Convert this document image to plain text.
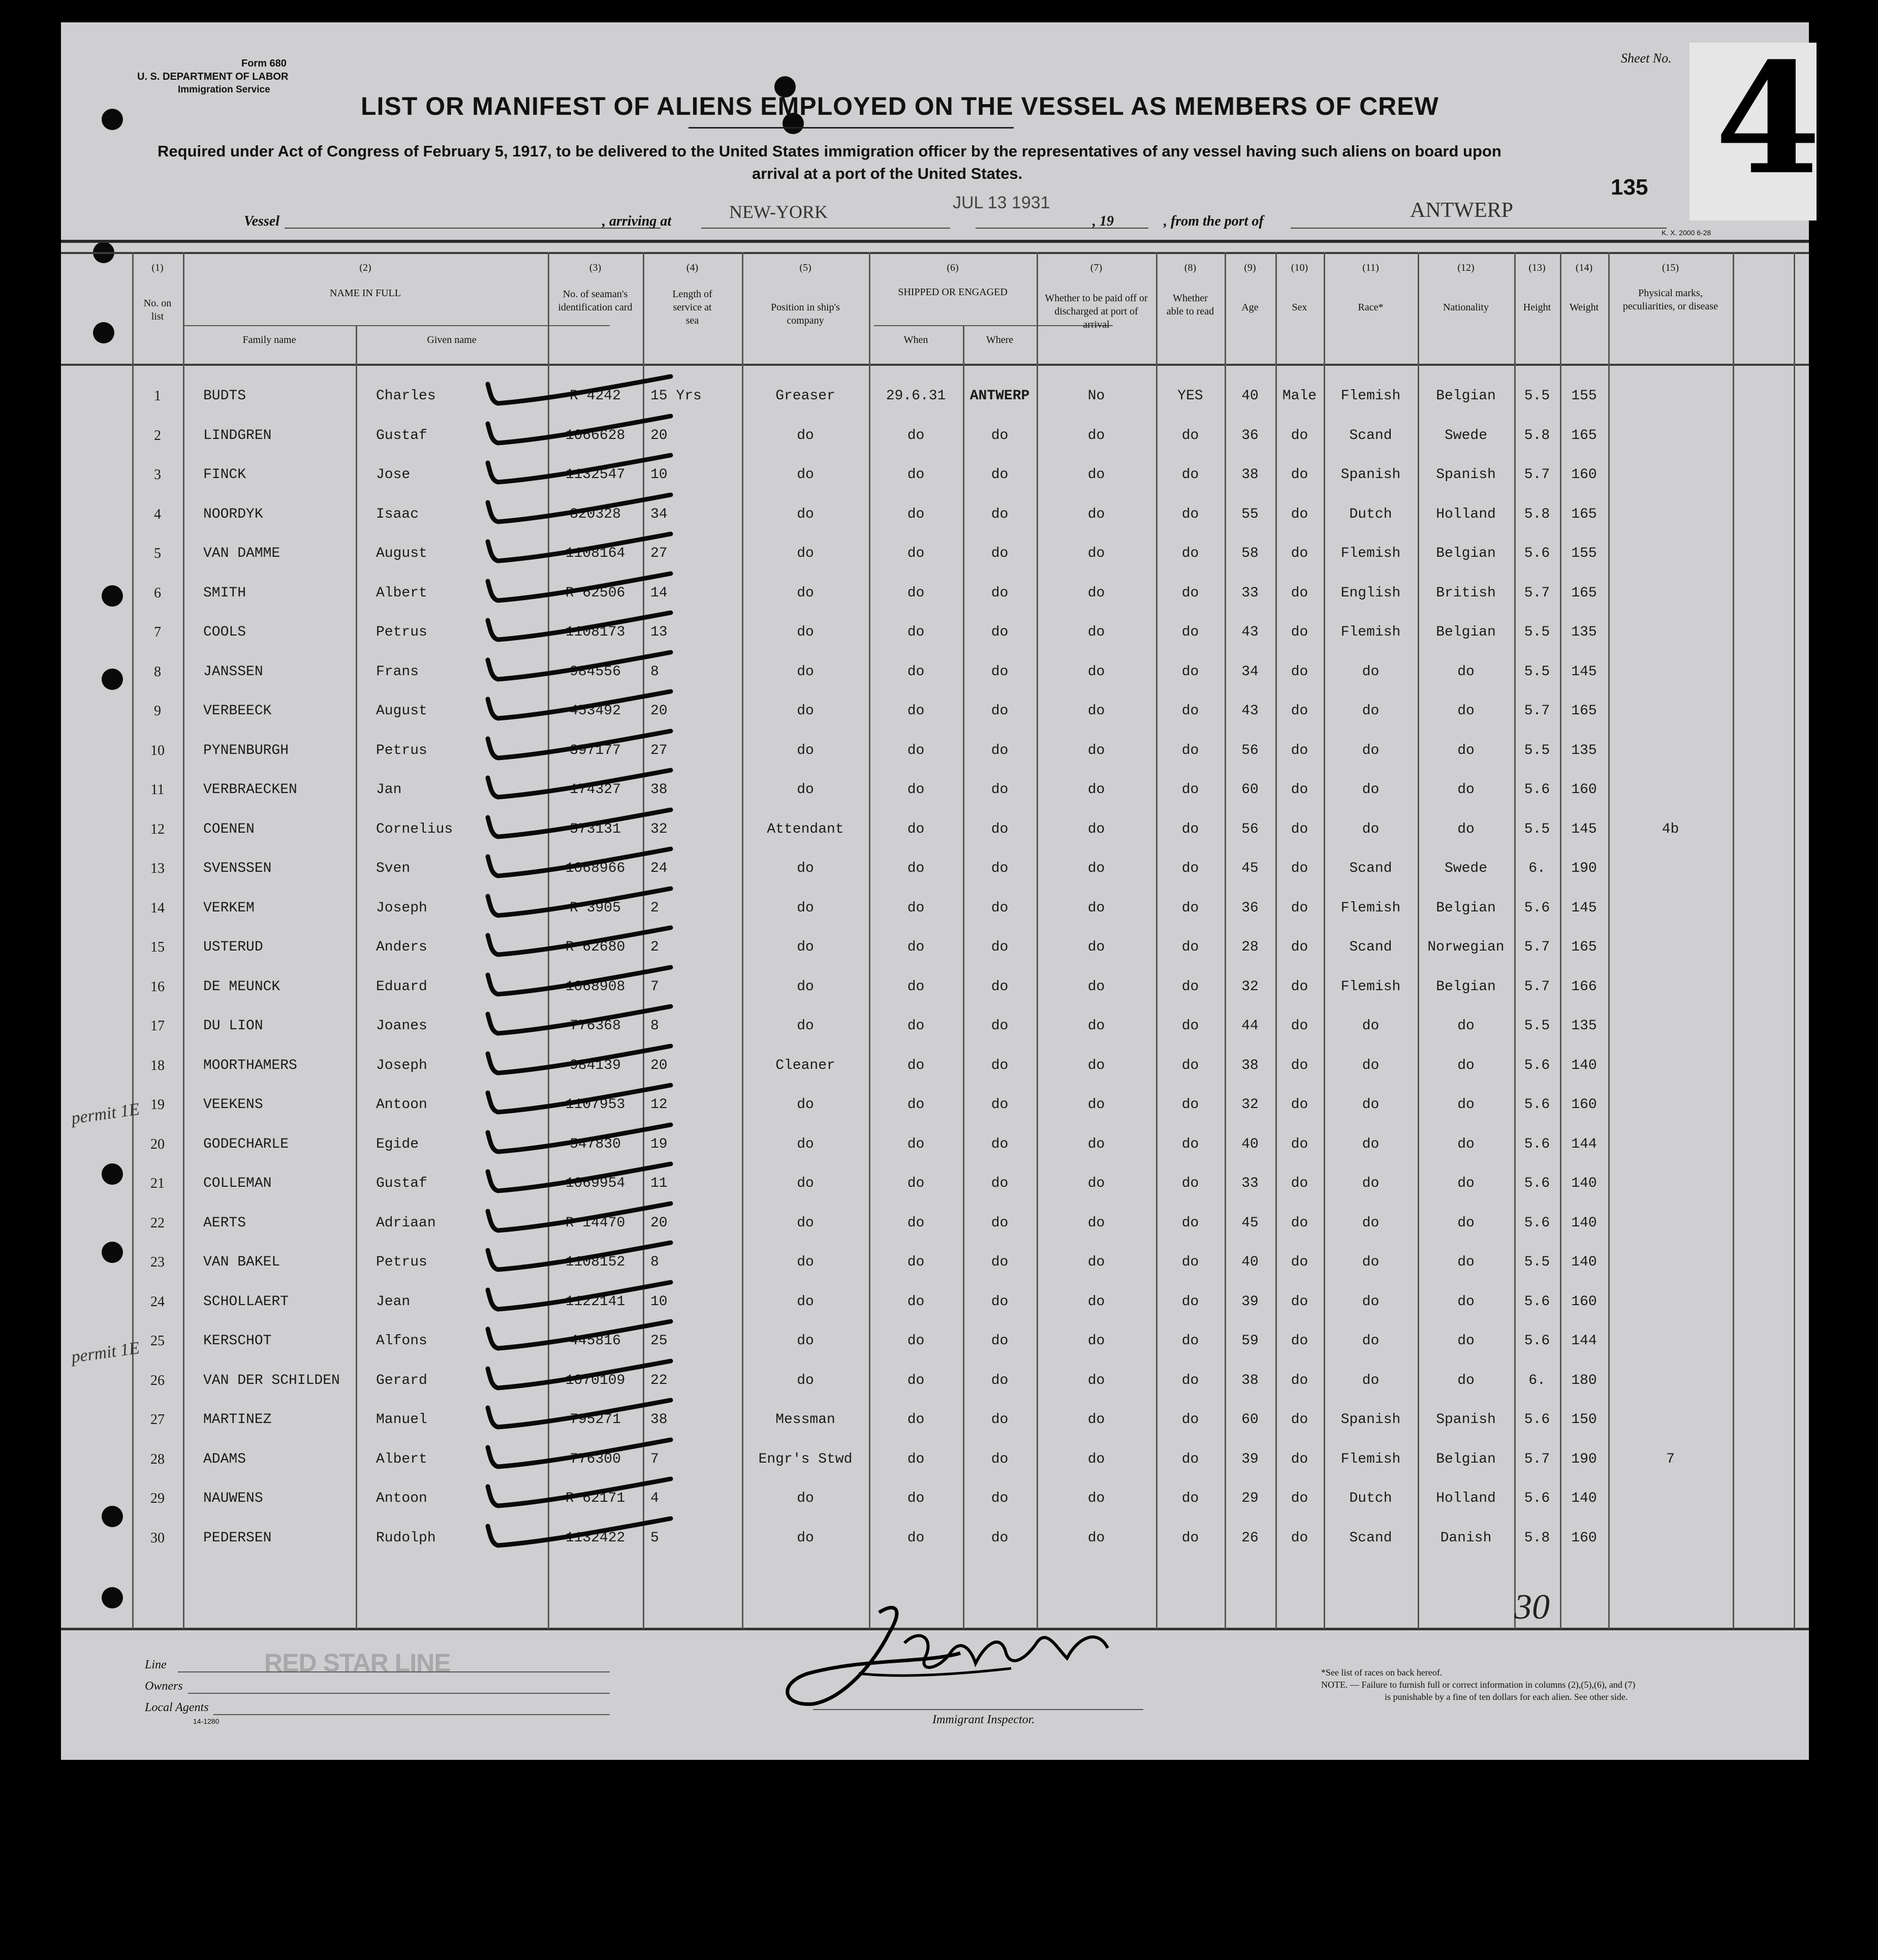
Form 680
U. S. DEPARTMENT OF LABOR
Immigration Service
LIST OR MANIFEST OF ALIENS EMPLOYED ON THE VESSEL AS MEMBERS OF CREW
Required under Act of Congress of February 5, 1917, to be delivered to the United States immigration officer by the representatives of any vessel having such aliens on board upon
arrival at a port of the United States.
Sheet No. 4
135
K. X. 2000 6-28
Vessel	, arriving at	NEW-YORK	JUL 13 1931
, 19	, from the port of	ANTWERP
(1)
No. on list
(2)
NAME IN FULL
Family name	Given name
(3)
No. of seaman's identification card
(4)
Length of service at sea
(5)
Position in ship's company
(6)
SHIPPED OR ENGAGED
When	Where
(7)
Whether to be paid off or discharged at port of arrival
(8)
Whether able to read
(9)
Age
(10)
Sex
(11)
Race*
(12)
Nationality
(13)
Height
(14)
Weight
(15)
Physical marks, peculiarities, or disease
1	BUDTS	Charles	R 4242	15 Yrs	Greaser	29.6.31	ANTWERP	No	YES	40	Male	Flemish	Belgian	5.5	155
2	LINDGREN	Gustaf	1066628	20	do	do	do	do	do	36	do	Scand	Swede	5.8	165
3	FINCK	Jose	1132547	10	do	do	do	do	do	38	do	Spanish	Spanish	5.7	160
4	NOORDYK	Isaac	820328	34	do	do	do	do	do	55	do	Dutch	Holland	5.8	165
5	VAN DAMME	August	1108164	27	do	do	do	do	do	58	do	Flemish	Belgian	5.6	155
6	SMITH	Albert	R 62506	14	do	do	do	do	do	33	do	English	British	5.7	165
7	COOLS	Petrus	1108173	13	do	do	do	do	do	43	do	Flemish	Belgian	5.5	135
8	JANSSEN	Frans	984556	8	do	do	do	do	do	34	do	do	do	5.5	145
9	VERBEECK	August	453492	20	do	do	do	do	do	43	do	do	do	5.7	165
10	PYNENBURGH	Petrus	397177	27	do	do	do	do	do	56	do	do	do	5.5	135
11	VERBRAECKEN	Jan	174327	38	do	do	do	do	do	60	do	do	do	5.6	160
12	COENEN	Cornelius	573131	32	Attendant	do	do	do	do	56	do	do	do	5.5	145	4b
13	SVENSSEN	Sven	1068966	24	do	do	do	do	do	45	do	Scand	Swede	6.	190
14	VERKEM	Joseph	R 3905	2	do	do	do	do	do	36	do	Flemish	Belgian	5.6	145
15	USTERUD	Anders	R 62680	2	do	do	do	do	do	28	do	Scand	Norwegian	5.7	165
16	DE MEUNCK	Eduard	1068908	7	do	do	do	do	do	32	do	Flemish	Belgian	5.7	166
17	DU LION	Joanes	776368	8	do	do	do	do	do	44	do	do	do	5.5	135
18	MOORTHAMERS	Joseph	984139	20	Cleaner	do	do	do	do	38	do	do	do	5.6	140
19	VEEKENS	Antoon	1107953	12	do	do	do	do	do	32	do	do	do	5.6	160
20	GODECHARLE	Egide	547830	19	do	do	do	do	do	40	do	do	do	5.6	144
21	COLLEMAN	Gustaf	1069954	11	do	do	do	do	do	33	do	do	do	5.6	140
22	AERTS	Adriaan	R 14470	20	do	do	do	do	do	45	do	do	do	5.6	140
23	VAN BAKEL	Petrus	1108152	8	do	do	do	do	do	40	do	do	do	5.5	140
24	SCHOLLAERT	Jean	1122141	10	do	do	do	do	do	39	do	do	do	5.6	160
25	KERSCHOT	Alfons	445816	25	do	do	do	do	do	59	do	do	do	5.6	144
26	VAN DER SCHILDEN	Gerard	1070109	22	do	do	do	do	do	38	do	do	do	6.	180
27	MARTINEZ	Manuel	795271	38	Messman	do	do	do	do	60	do	Spanish	Spanish	5.6	150
28	ADAMS	Albert	776300	7	Engr's Stwd	do	do	do	do	39	do	Flemish	Belgian	5.7	190	7
29	NAUWENS	Antoon	R 62171	4	do	do	do	do	do	29	do	Dutch	Holland	5.6	140
30	PEDERSEN	Rudolph	1132422	5	do	do	do	do	do	26	do	Scand	Danish	5.8	160
permit 1E
permit 1E
30
Line	RED STAR LINE
Owners
Local Agents
14-1280	Immigrant Inspector.
*See list of races on back hereof.
NOTE. — Failure to furnish full or correct information in columns (2),(5),(6), and (7)
is punishable by a fine of ten dollars for each alien. See other side.
